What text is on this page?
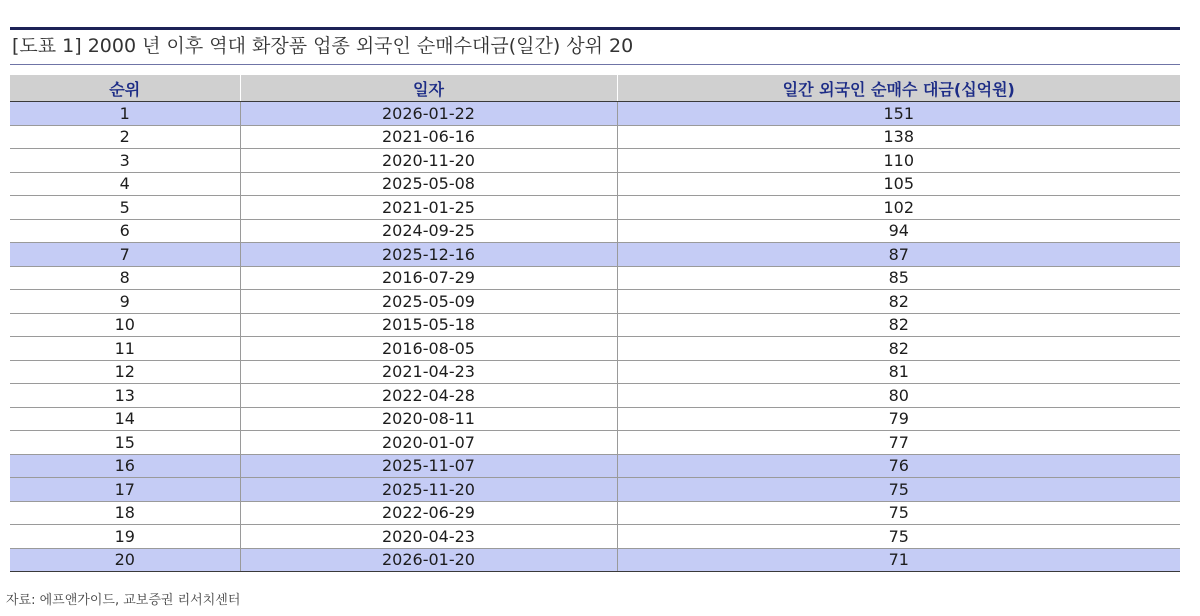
[도표 1] 2000 년 이후 역대 화장품 업종 외국인 순매수대금(일간) 상위 20
순위	일자	일간 외국인 순매수 대금(십억원)
1	2026-01-22	151
2	2021-06-16	138
3	2020-11-20	110
4	2025-05-08	105
5	2021-01-25	102
6	2024-09-25	94
7	2025-12-16	87
8	2016-07-29	85
9	2025-05-09	82
10	2015-05-18	82
11	2016-08-05	82
12	2021-04-23	81
13	2022-04-28	80
14	2020-08-11	79
15	2020-01-07	77
16	2025-11-07	76
17	2025-11-20	75
18	2022-06-29	75
19	2020-04-23	75
20	2026-01-20	71
자료: 에프앤가이드, 교보증권 리서치센터
